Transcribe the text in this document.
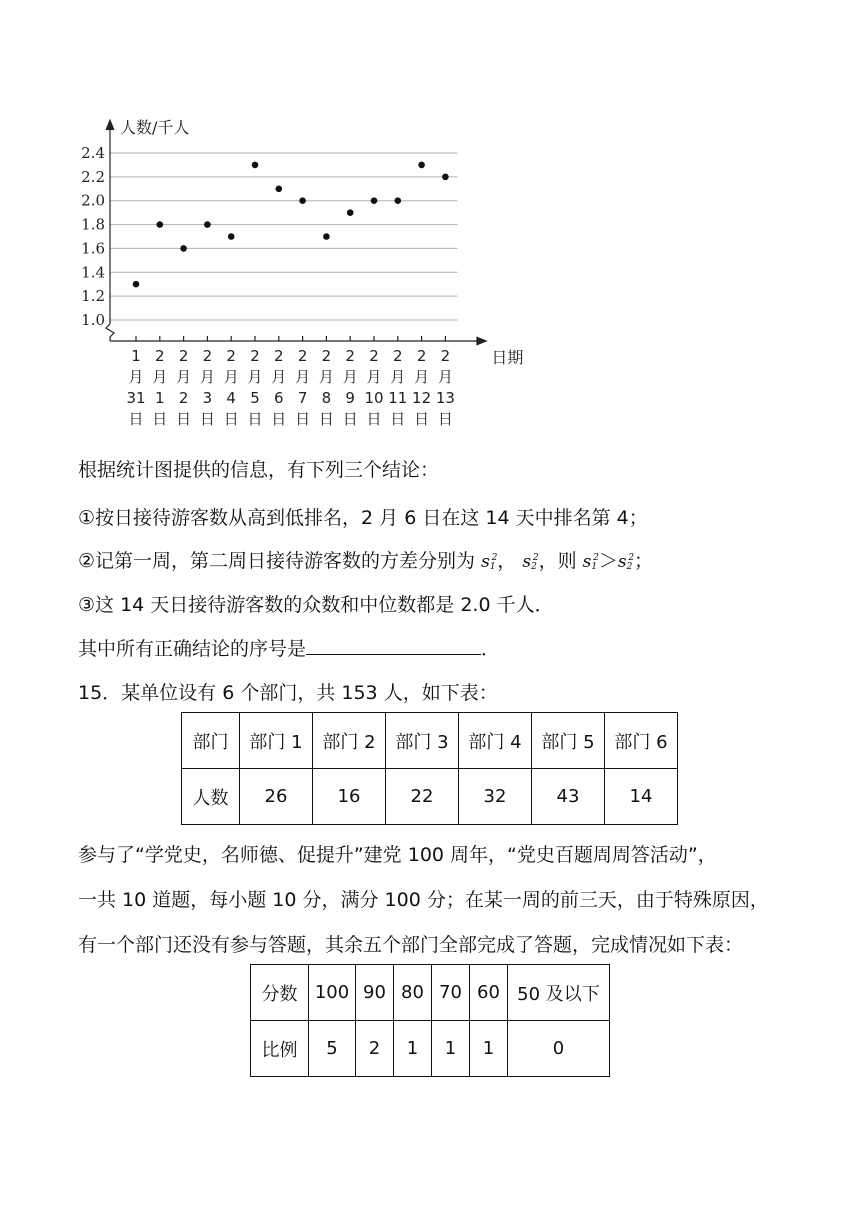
2.4
2.2
2.0
1.8
1.6
1.4
1.2
1.0
人数/千人
日期
1
月
31
日
2
月
1
日
2
月
2
日
2
月
3
日
2
月
4
日
2
月
5
日
2
月
6
日
2
月
7
日
2
月
8
日
2
月
9
日
2
月
10
日
2
月
11
日
2
月
12
日
2
月
13
日
根据统计图提供的信息，有下列三个结论：
①按日接待游客数从高到低排名，2 月 6 日在这 14 天中排名第 4；
②记第一周，第二周日接待游客数的方差分别为 $s_1^2$， $s_2^2$，则 $s_1^2>s_2^2$；
③这 14 天日接待游客数的众数和中位数都是 2.0 千人．
其中所有正确结论的序号是	．
15．某单位设有 6 个部门，共 153 人，如下表：
部门	部门 1	部门 2	部门 3	部门 4	部门 5	部门 6
人数	26	16	22	32	43	14
参与了“学党史，名师德、促提升”建党 100 周年，“党史百题周周答活动”，
一共 10 道题，每小题 10 分，满分 100 分；在某一周的前三天，由于特殊原因，
有一个部门还没有参与答题，其余五个部门全部完成了答题，完成情况如下表：
分数	100	90	80	70	60	50 及以下
比例	5	2	1	1	1	0
